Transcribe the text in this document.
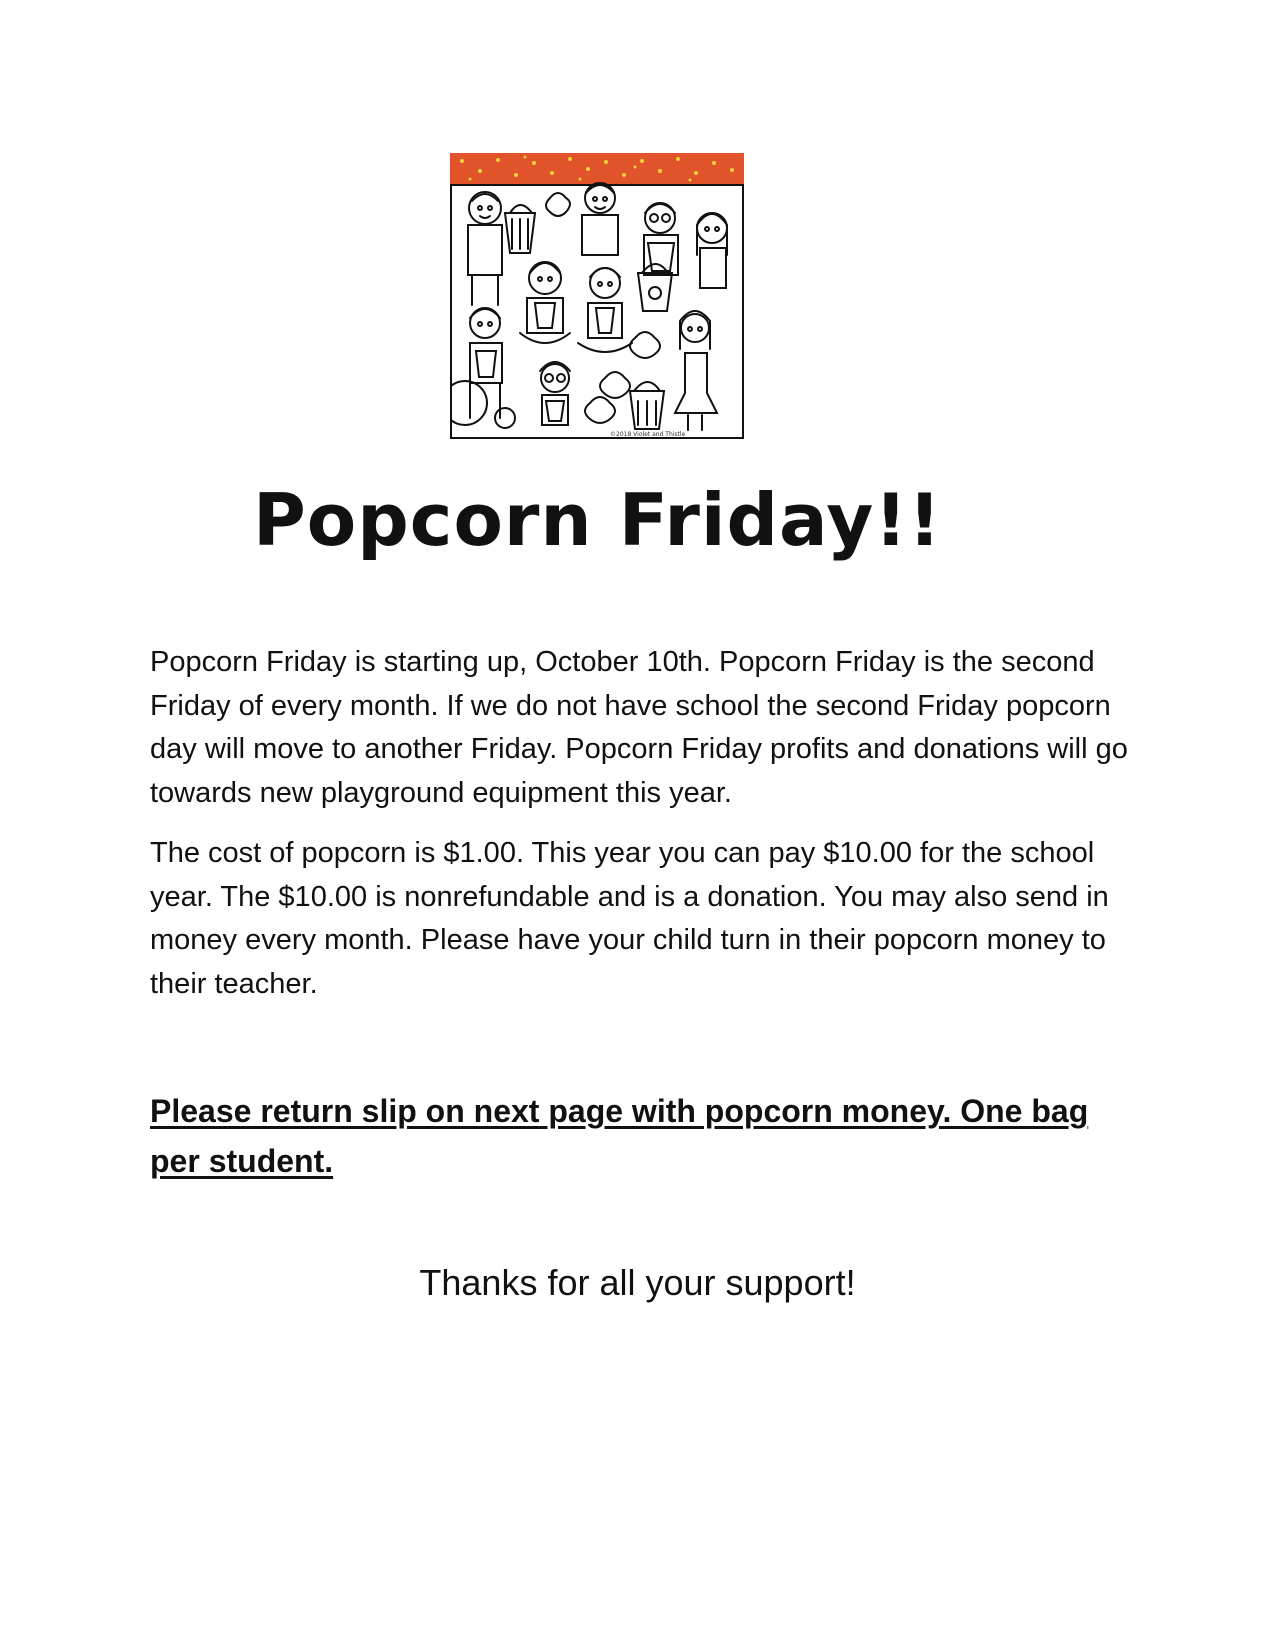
©2018 Violet and Thistle
Popcorn Friday!!

Popcorn Friday is starting up, October 10th. Popcorn Friday is the second Friday of every month. If we do not have school the second Friday popcorn day will move to another Friday. Popcorn Friday profits and donations will go towards new playground equipment this year.

The cost of popcorn is $1.00. This year you can pay $10.00 for the school year. The $10.00 is nonrefundable and is a donation. You may also send in money every month. Please have your child turn in their popcorn money to their teacher.

Please return slip on next page with popcorn money. One bag per student.

Thanks for all your support!
